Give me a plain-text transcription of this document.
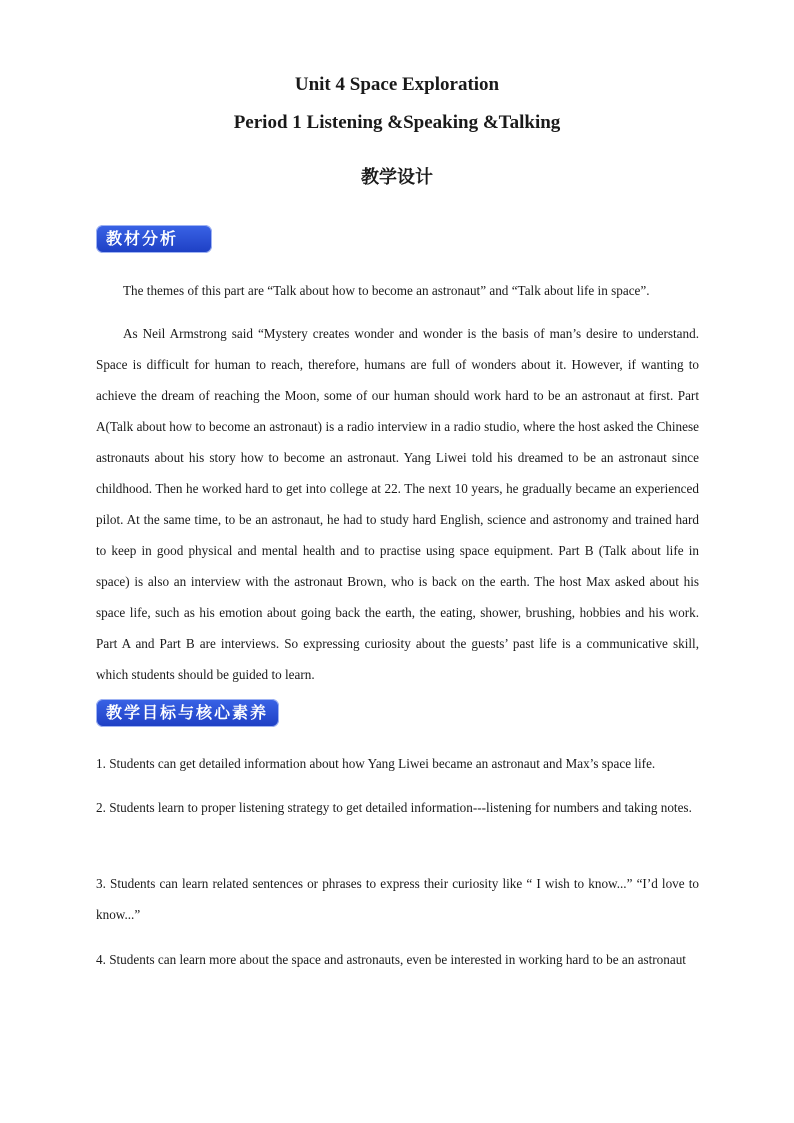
Unit 4 Space Exploration
Period 1 Listening &Speaking &Talking
教学设计
教材分析

The themes of this part are “Talk about how to become an astronaut” and “Talk about life in space”.

As Neil Armstrong said “Mystery creates wonder and wonder is the basis of man’s desire to understand. Space is difficult for human to reach, therefore, humans are full of wonders about it. However, if wanting to achieve the dream of reaching the Moon, some of our human should work hard to be an astronaut at first. Part A(Talk about how to become an astronaut) is a radio interview in a radio studio, where the host asked the Chinese astronauts about his story how to become an astronaut. Yang Liwei told his dreamed to be an astronaut since childhood. Then he worked hard to get into college at 22. The next 10 years, he gradually became an experienced pilot. At the same time, to be an astronaut, he had to study hard English, science and astronomy and trained hard to keep in good physical and mental health and to practise using space equipment. Part B (Talk about life in space) is also an interview with the astronaut Brown, who is back on the earth. The host Max asked about his space life, such as his emotion about going back the earth, the eating, shower, brushing, hobbies and his work. Part A and Part B are interviews. So expressing curiosity about the guests’ past life is a communicative skill, which students should be guided to learn.

教学目标与核心素养

1. Students can get detailed information about how Yang Liwei became an astronaut and Max’s space life.

2. Students learn to proper listening strategy to get detailed information---listening for numbers and taking notes.

3. Students can learn related sentences or phrases to express their curiosity like “ I wish to know...” “I’d love to know...”

4. Students can learn more about the space and astronauts, even be interested in working hard to be an astronaut
